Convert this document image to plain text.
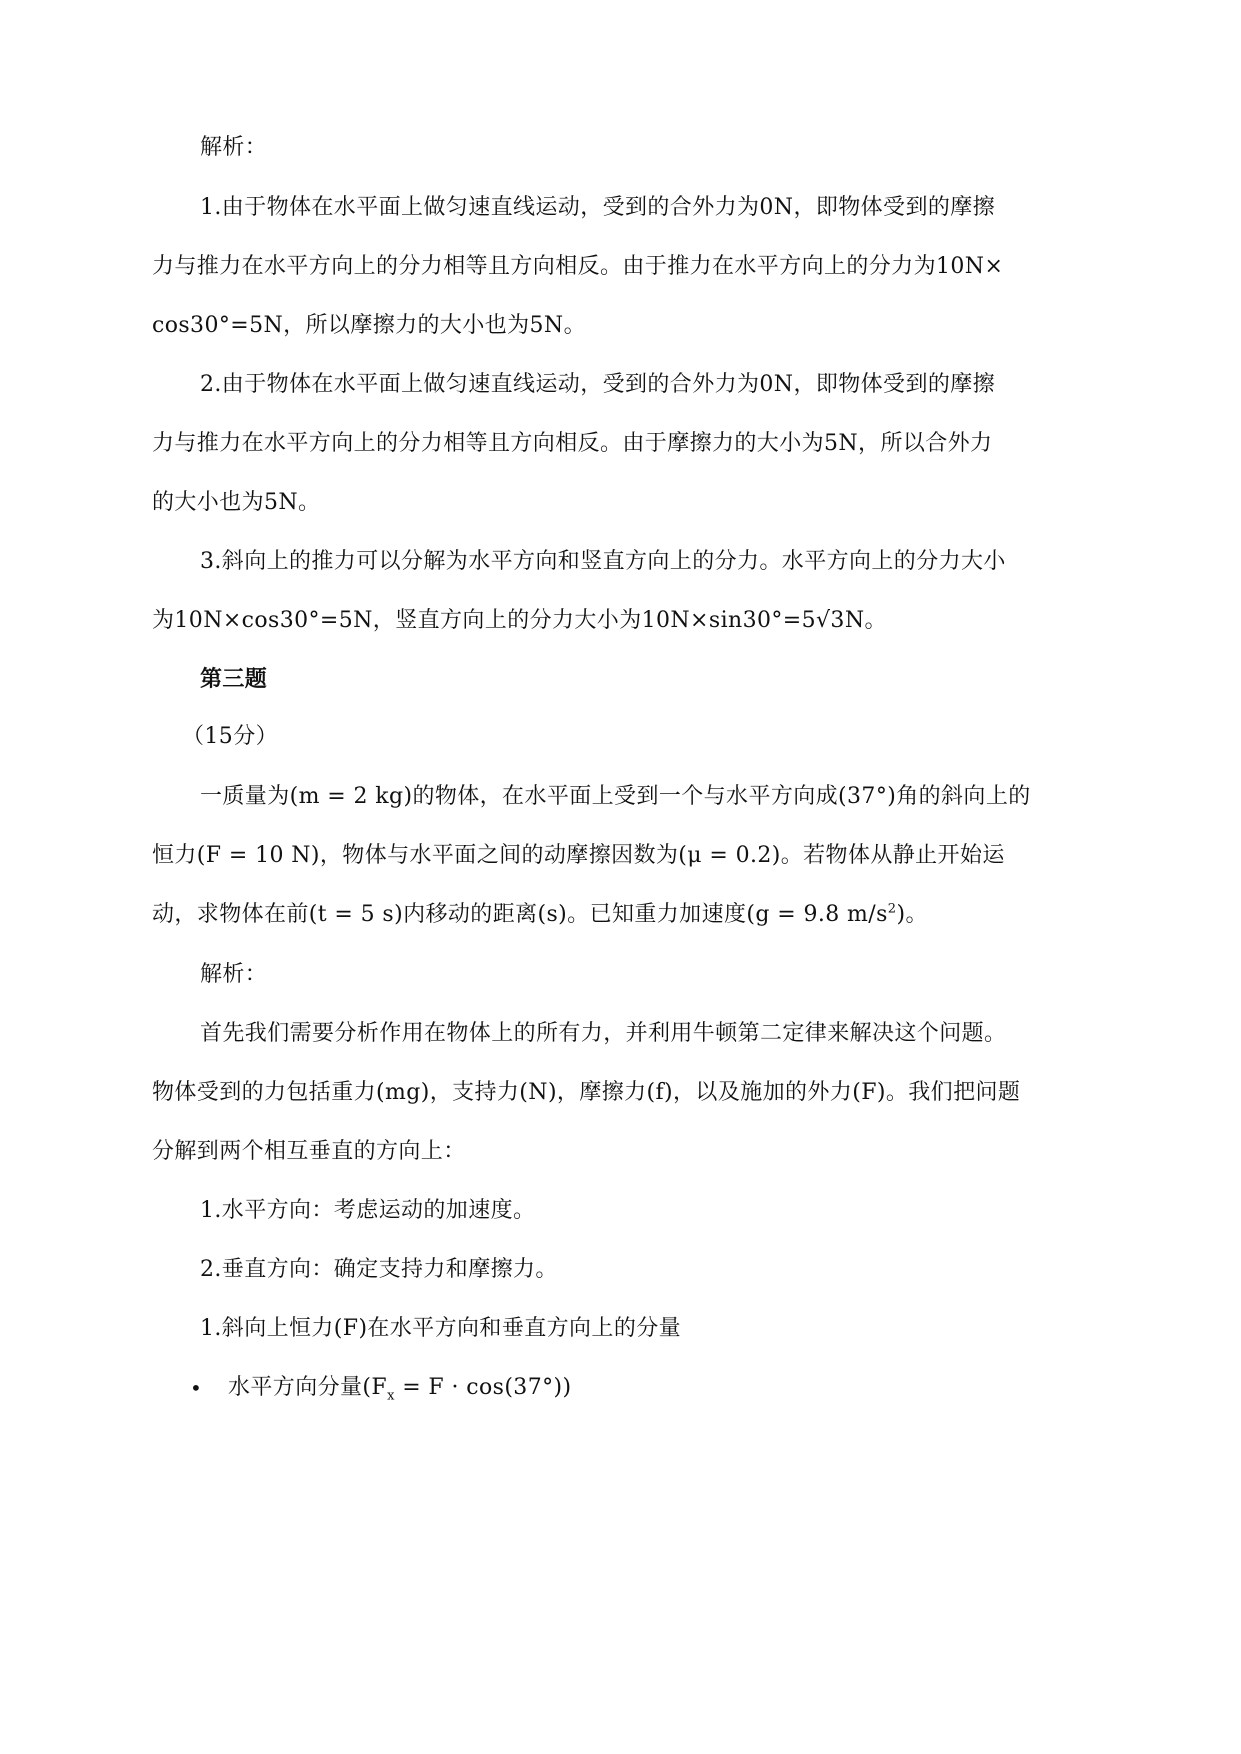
解析：
1.由于物体在水平面上做匀速直线运动，受到的合外力为0N，即物体受到的摩擦
力与推力在水平方向上的分力相等且方向相反。由于推力在水平方向上的分力为10N×
cos30°=5N，所以摩擦力的大小也为5N。
2.由于物体在水平面上做匀速直线运动，受到的合外力为0N，即物体受到的摩擦
力与推力在水平方向上的分力相等且方向相反。由于摩擦力的大小为5N，所以合外力
的大小也为5N。
3.斜向上的推力可以分解为水平方向和竖直方向上的分力。水平方向上的分力大小
为10N×cos30°=5N，竖直方向上的分力大小为10N×sin30°=5√3N。
第三题
（15分）
一质量为(m = 2 kg)的物体，在水平面上受到一个与水平方向成(37°)角的斜向上的
恒力(F = 10 N)，物体与水平面之间的动摩擦因数为(μ = 0.2)。若物体从静止开始运
动，求物体在前(t = 5 s)内移动的距离(s)。已知重力加速度(g = 9.8 $m/s^2$)。
解析：
首先我们需要分析作用在物体上的所有力，并利用牛顿第二定律来解决这个问题。
物体受到的力包括重力(mg)，支持力(N)，摩擦力(f)，以及施加的外力(F)。我们把问题
分解到两个相互垂直的方向上：
1.水平方向：考虑运动的加速度。
2.垂直方向：确定支持力和摩擦力。
1.斜向上恒力(F)在水平方向和垂直方向上的分量
• 水平方向分量$(F_x = F \cdot \cos(37^\circ))$
